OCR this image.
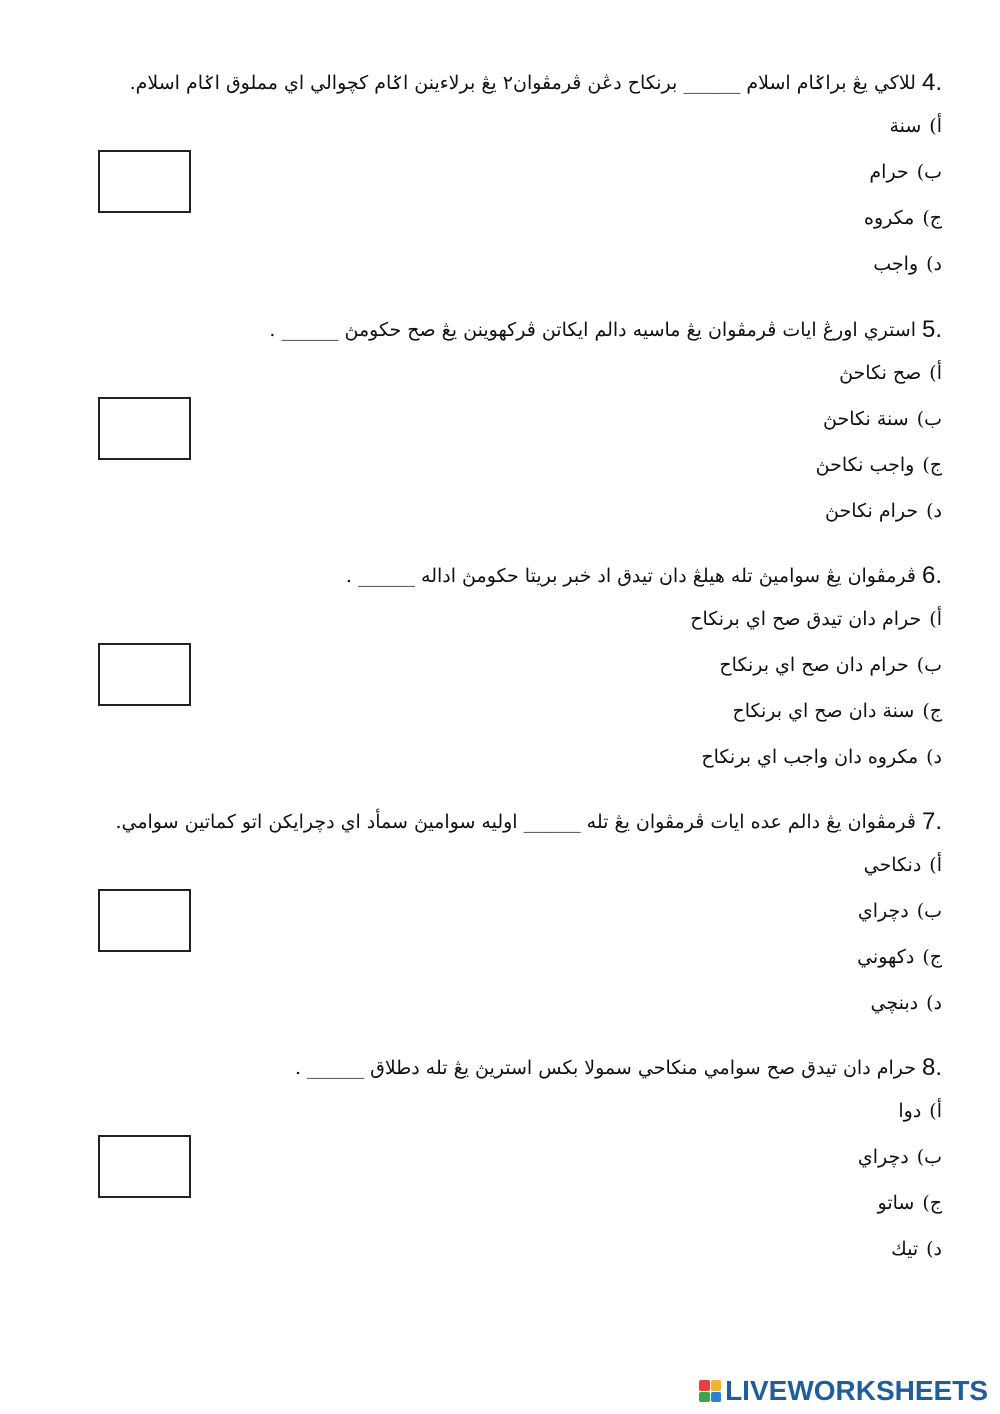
للاكي يڠ براݢام اسلام ______ برنكاح دڠن ڤرمڤوان٢ يڠ برلاءينن اݢام كچوالي اي مملوق اݢام اسلام. 4.
سنة أ)
حرام ب)
مكروه ج)
واجب د)
استري اورڠ ايات ڤرمڤوان يڠ ماسيه دالم ايكاتن ڤركهوينن يڠ صح حكومڽ ______ . 5.
صح نكاحڽ أ)
سنة نكاحڽ ب)
واجب نكاحڽ ج)
حرام نكاحڽ د)
ڤرمڤوان يڠ سواميڽ تله هيلڠ دان تيدق اد خبر بريتا حكومڽ اداله ______ . 6.
حرام دان تيدق صح اي برنكاح أ)
حرام دان صح اي برنكاح ب)
سنة دان صح اي برنكاح ج)
مكروه دان واجب اي برنكاح د)
ڤرمڤوان يڠ دالم عده ايات ڤرمڤوان يڠ تله ______ اوليه سواميڽ سمأد اي دچرايكن اتو كماتين سوامي. 7.
دنكاحي أ)
دچراي ب)
دكهوني ج)
دبنچي د)
حرام دان تيدق صح سوامي منكاحي سمولا بكس استريڽ يڠ تله دطلاق ______ . 8.
دوا أ)
دچراي ب)
ساتو ج)
تيك د)
LIVEWORKSHEETS
